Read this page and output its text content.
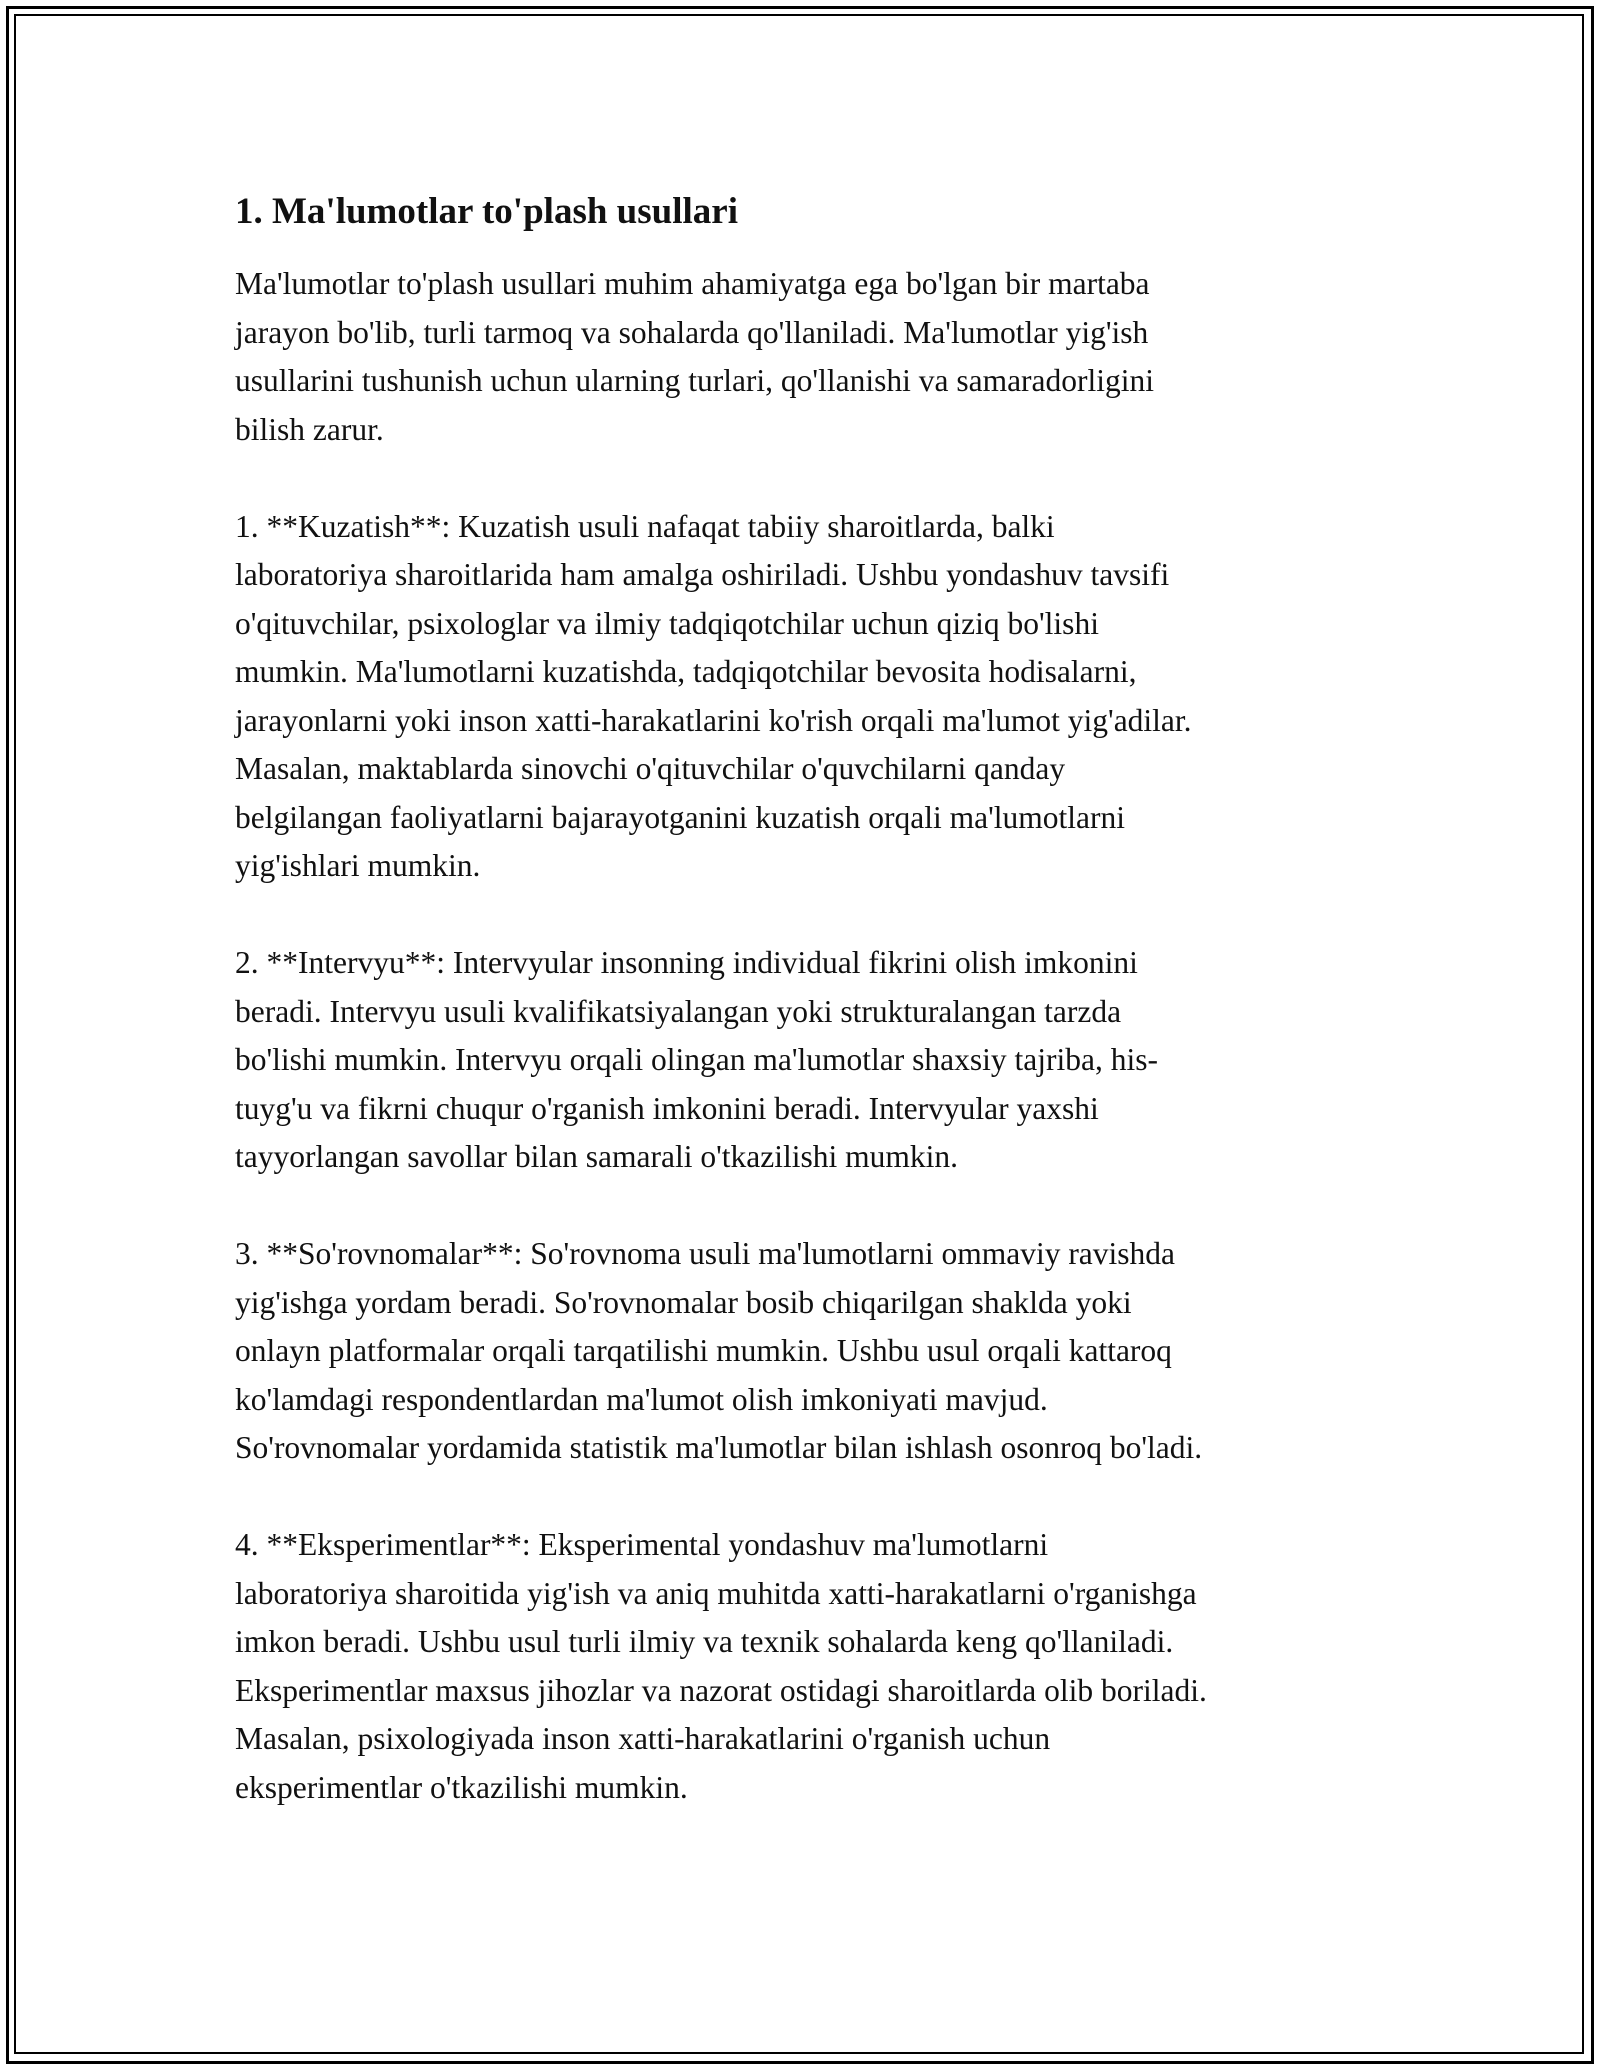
1. Ma'lumotlar to'plash usullari
Ma'lumotlar to'plash usullari muhim ahamiyatga ega bo'lgan bir martaba
jarayon bo'lib, turli tarmoq va sohalarda qo'llaniladi. Ma'lumotlar yig'ish
usullarini tushunish uchun ularning turlari, qo'llanishi va samaradorligini
bilish zarur.
1. **Kuzatish**: Kuzatish usuli nafaqat tabiiy sharoitlarda, balki
laboratoriya sharoitlarida ham amalga oshiriladi. Ushbu yondashuv tavsifi
o'qituvchilar, psixologlar va ilmiy tadqiqotchilar uchun qiziq bo'lishi
mumkin. Ma'lumotlarni kuzatishda, tadqiqotchilar bevosita hodisalarni,
jarayonlarni yoki inson xatti-harakatlarini ko'rish orqali ma'lumot yig'adilar.
Masalan, maktablarda sinovchi o'qituvchilar o'quvchilarni qanday
belgilangan faoliyatlarni bajarayotganini kuzatish orqali ma'lumotlarni
yig'ishlari mumkin.
2. **Intervyu**: Intervyular insonning individual fikrini olish imkonini
beradi. Intervyu usuli kvalifikatsiyalangan yoki strukturalangan tarzda
bo'lishi mumkin. Intervyu orqali olingan ma'lumotlar shaxsiy tajriba, his-
tuyg'u va fikrni chuqur o'rganish imkonini beradi. Intervyular yaxshi
tayyorlangan savollar bilan samarali o'tkazilishi mumkin.
3. **So'rovnomalar**: So'rovnoma usuli ma'lumotlarni ommaviy ravishda
yig'ishga yordam beradi. So'rovnomalar bosib chiqarilgan shaklda yoki
onlayn platformalar orqali tarqatilishi mumkin. Ushbu usul orqali kattaroq
ko'lamdagi respondentlardan ma'lumot olish imkoniyati mavjud.
So'rovnomalar yordamida statistik ma'lumotlar bilan ishlash osonroq bo'ladi.
4. **Eksperimentlar**: Eksperimental yondashuv ma'lumotlarni
laboratoriya sharoitida yig'ish va aniq muhitda xatti-harakatlarni o'rganishga
imkon beradi. Ushbu usul turli ilmiy va texnik sohalarda keng qo'llaniladi.
Eksperimentlar maxsus jihozlar va nazorat ostidagi sharoitlarda olib boriladi.
Masalan, psixologiyada inson xatti-harakatlarini o'rganish uchun
eksperimentlar o'tkazilishi mumkin.
